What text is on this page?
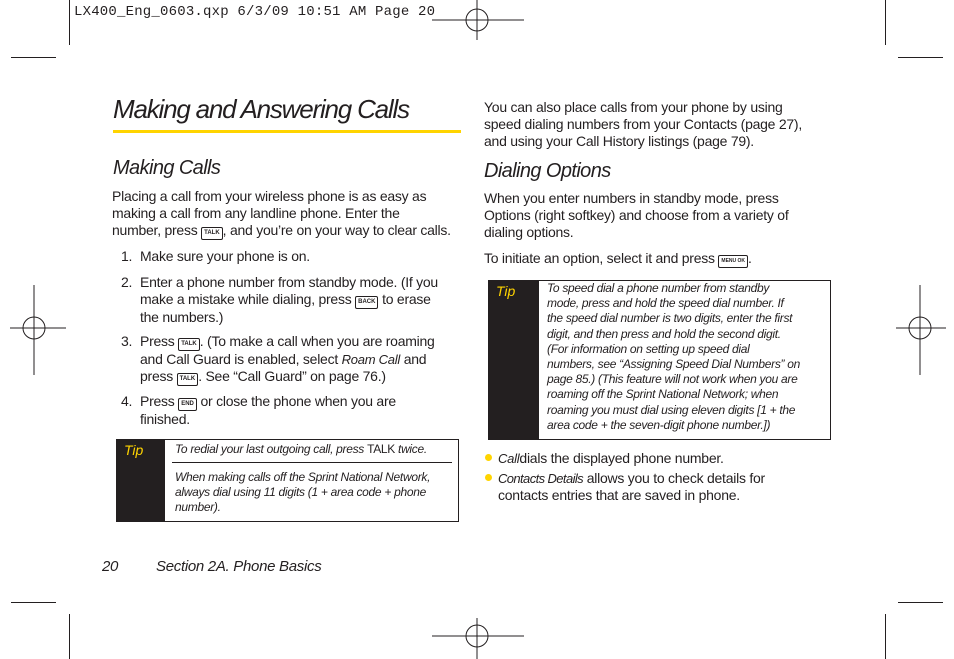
LX400_Eng_0603.qxp 6/3/09 10:51 AM Page 20
Making and Answering Calls
Making Calls
Placing a call from your wireless phone is as easy as
making a call from any landline phone. Enter the
number, press TALK , and you’re on your way to clear calls.
1. Make sure your phone is on.
2. Enter a phone number from standby mode. (If you
make a mistake while dialing, press BACK to erase
the numbers.)
3. Press TALK . (To make a call when you are roaming
and Call Guard is enabled, select Roam Call and
press TALK . See “Call Guard” on page 76.)
4. Press END or close the phone when you are
finished.
Tip	To redial your last outgoing call, press TALK twice.
When making calls off the Sprint National Network,
always dial using 11 digits (1 + area code + phone
number).
You can also place calls from your phone by using
speed dialing numbers from your Contacts (page 27),
and using your Call History listings (page 79).
Dialing Options
When you enter numbers in standby mode, press
Options (right softkey) and choose from a variety of
dialing options.
To initiate an option, select it and press MENU OK .
Tip	To speed dial a phone number from standby
mode, press and hold the speed dial number. If
the speed dial number is two digits, enter the first
digit, and then press and hold the second digit.
(For information on setting up speed dial
numbers, see “Assigning Speed Dial Numbers” on
page 85.) (This feature will not work when you are
roaming off the Sprint National Network; when
roaming you must dial using eleven digits [1 + the
area code + the seven-digit phone number.])
Calldials the displayed phone number.
Contacts Details allows you to check details for
contacts entries that are saved in phone.
20	Section 2A. Phone Basics
